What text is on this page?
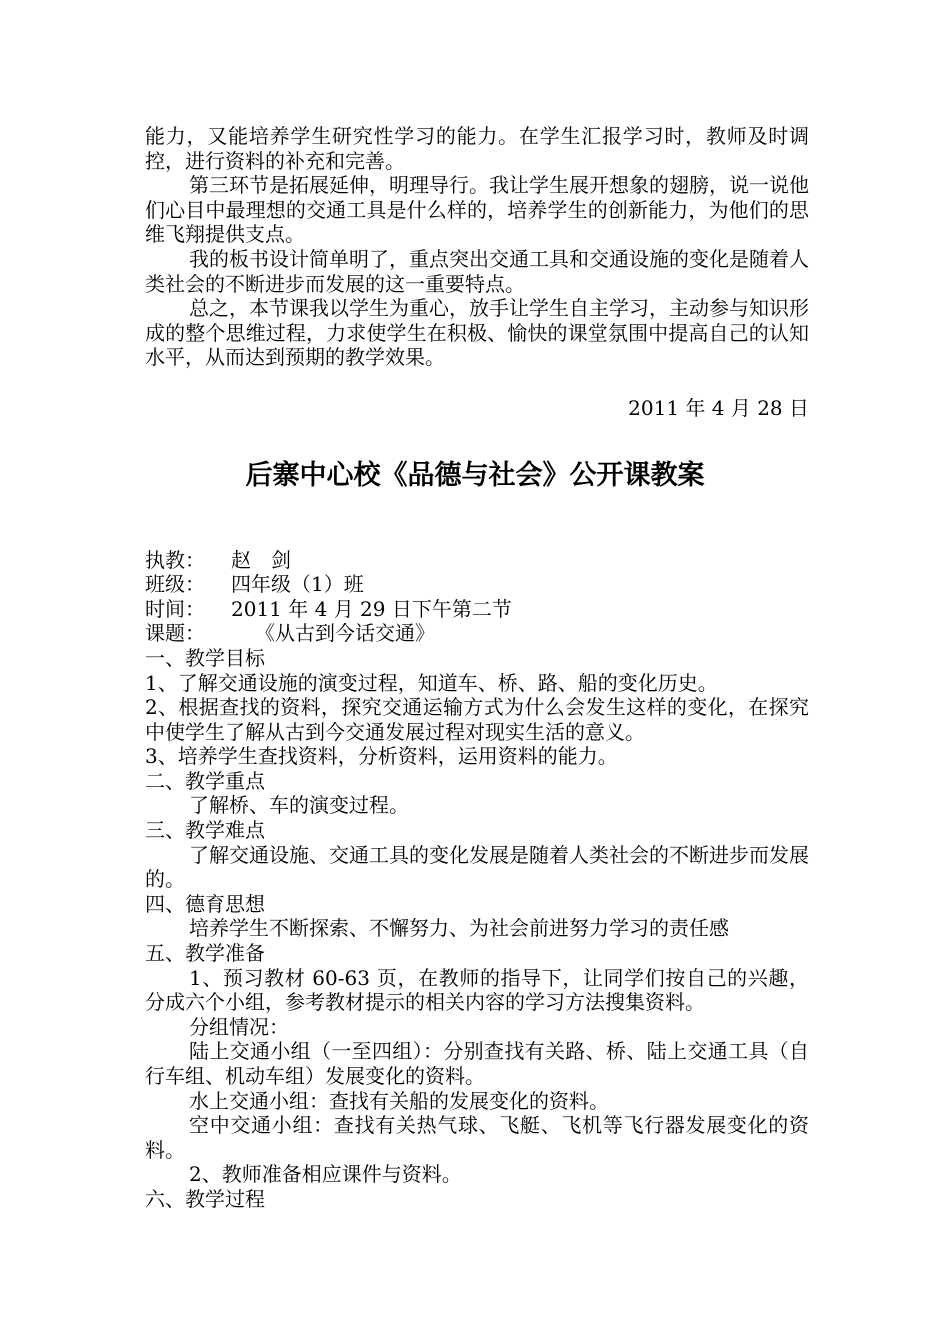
能力，又能培养学生研究性学习的能力。在学生汇报学习时，教师及时调控，进行资料的补充和完善。

第三环节是拓展延伸，明理导行。我让学生展开想象的翅膀，说一说他们心目中最理想的交通工具是什么样的，培养学生的创新能力，为他们的思维飞翔提供支点。

我的板书设计简单明了，重点突出交通工具和交通设施的变化是随着人类社会的不断进步而发展的这一重要特点。

总之，本节课我以学生为重心，放手让学生自主学习，主动参与知识形成的整个思维过程，力求使学生在积极、愉快的课堂氛围中提高自己的认知水平，从而达到预期的教学效果。

2011 年 4 月 28 日

后寨中心校《品德与社会》公开课教案

执教：	赵　剑
班级：	四年级（1）班
时间：	2011 年 4 月 29 日下午第二节
课题：	《从古到今话交通》

一、教学目标

1、了解交通设施的演变过程，知道车、桥、路、船的变化历史。

2、根据查找的资料，探究交通运输方式为什么会发生这样的变化，在探究中使学生了解从古到今交通发展过程对现实生活的意义。

3、培养学生查找资料，分析资料，运用资料的能力。

二、教学重点

了解桥、车的演变过程。

三、教学难点

了解交通设施、交通工具的变化发展是随着人类社会的不断进步而发展的。

四、德育思想

培养学生不断探索、不懈努力、为社会前进努力学习的责任感

五、教学准备

1、预习教材 60-63 页，在教师的指导下，让同学们按自己的兴趣，分成六个小组，参考教材提示的相关内容的学习方法搜集资料。

分组情况：

陆上交通小组（一至四组）：分别查找有关路、桥、陆上交通工具（自行车组、机动车组）发展变化的资料。

水上交通小组：查找有关船的发展变化的资料。

空中交通小组：查找有关热气球、飞艇、飞机等飞行器发展变化的资料。

2、教师准备相应课件与资料。

六、教学过程
